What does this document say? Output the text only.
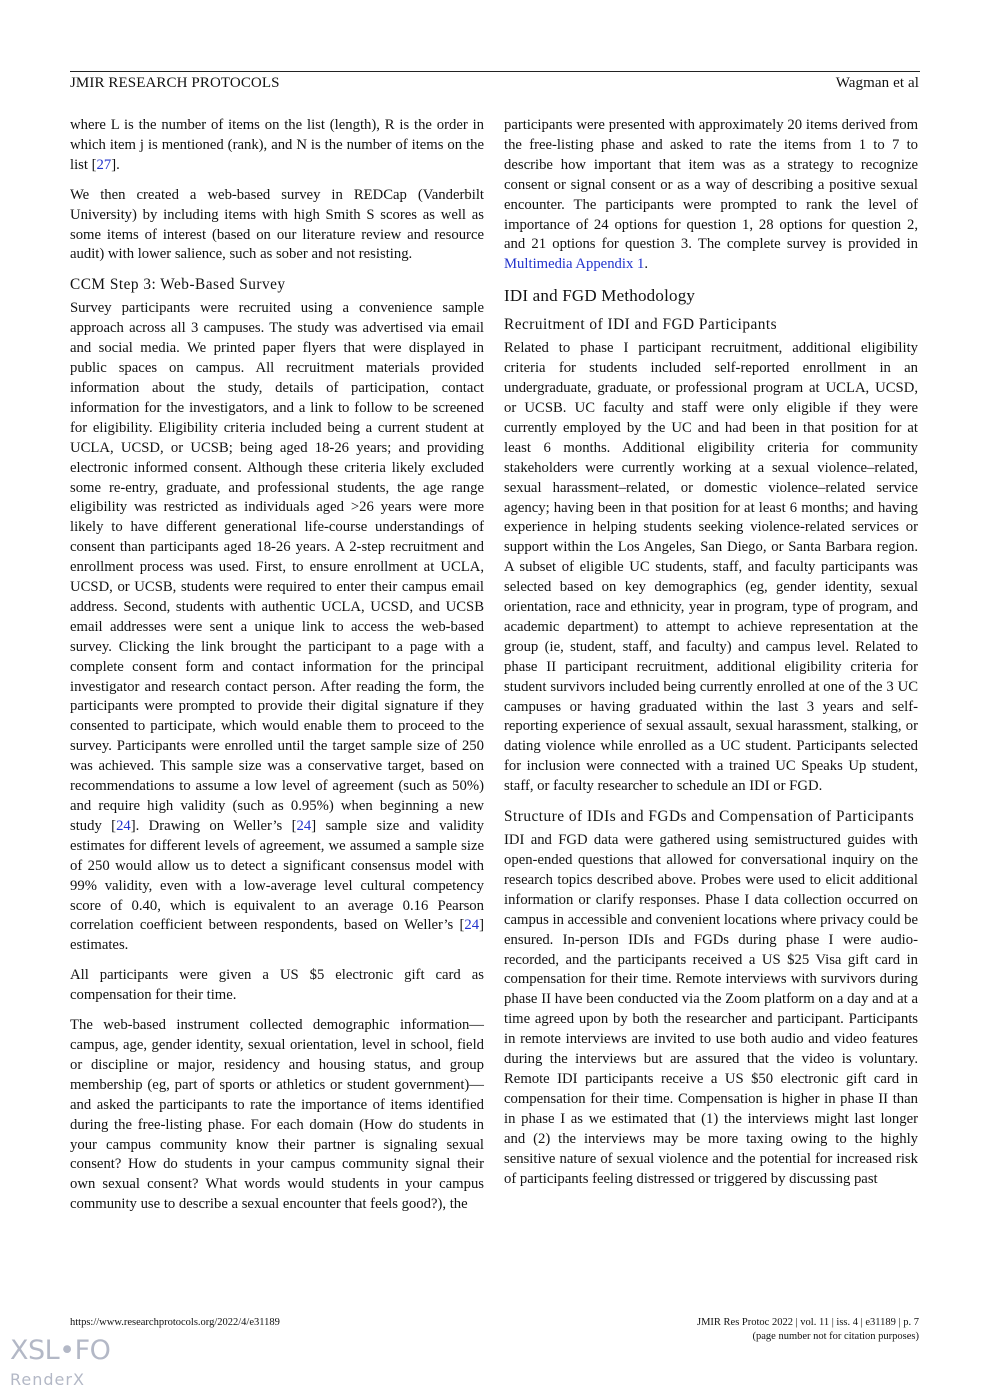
JMIR RESEARCH PROTOCOLS	Wagman et al

where L is the number of items on the list (length), R is the order in which item j is mentioned (rank), and N is the number of items on the list [27].

We then created a web-based survey in REDCap (Vanderbilt University) by including items with high Smith S scores as well as some items of interest (based on our literature review and resource audit) with lower salience, such as sober and not resisting.

CCM Step 3: Web-Based Survey

Survey participants were recruited using a convenience sample approach across all 3 campuses. The study was advertised via email and social media. We printed paper flyers that were displayed in public spaces on campus. All recruitment materials provided information about the study, details of participation, contact information for the investigators, and a link to follow to be screened for eligibility. Eligibility criteria included being a current student at UCLA, UCSD, or UCSB; being aged 18-26 years; and providing electronic informed consent. Although these criteria likely excluded some re-entry, graduate, and professional students, the age range eligibility was restricted as individuals aged >26 years were more likely to have different generational life-course understandings of consent than participants aged 18-26 years. A 2-step recruitment and enrollment process was used. First, to ensure enrollment at UCLA, UCSD, or UCSB, students were required to enter their campus email address. Second, students with authentic UCLA, UCSD, and UCSB email addresses were sent a unique link to access the web-based survey. Clicking the link brought the participant to a page with a complete consent form and contact information for the principal investigator and research contact person. After reading the form, the participants were prompted to provide their digital signature if they consented to participate, which would enable them to proceed to the survey. Participants were enrolled until the target sample size of 250 was achieved. This sample size was a conservative target, based on recommendations to assume a low level of agreement (such as 50%) and require high validity (such as 0.95%) when beginning a new study [24]. Drawing on Weller’s [24] sample size and validity estimates for different levels of agreement, we assumed a sample size of 250 would allow us to detect a significant consensus model with 99% validity, even with a low-average level cultural competency score of 0.40, which is equivalent to an average 0.16 Pearson correlation coefficient between respondents, based on Weller’s [24] estimates.

All participants were given a US $5 electronic gift card as compensation for their time.

The web-based instrument collected demographic information—campus, age, gender identity, sexual orientation, level in school, field or discipline or major, residency and housing status, and group membership (eg, part of sports or athletics or student government)—and asked the participants to rate the importance of items identified during the free-listing phase. For each domain (How do students in your campus community know their partner is signaling sexual consent? How do students in your campus community signal their own sexual consent? What words would students in your campus community use to describe a sexual encounter that feels good?), the

participants were presented with approximately 20 items derived from the free-listing phase and asked to rate the items from 1 to 7 to describe how important that item was as a strategy to recognize consent or signal consent or as a way of describing a positive sexual encounter. The participants were prompted to rank the level of importance of 24 options for question 1, 28 options for question 2, and 21 options for question 3. The complete survey is provided in Multimedia Appendix 1.

IDI and FGD Methodology
Recruitment of IDI and FGD Participants

Related to phase I participant recruitment, additional eligibility criteria for students included self-reported enrollment in an undergraduate, graduate, or professional program at UCLA, UCSD, or UCSB. UC faculty and staff were only eligible if they were currently employed by the UC and had been in that position for at least 6 months. Additional eligibility criteria for community stakeholders were currently working at a sexual violence–related, sexual harassment–related, or domestic violence–related service agency; having been in that position for at least 6 months; and having experience in helping students seeking violence-related services or support within the Los Angeles, San Diego, or Santa Barbara region. A subset of eligible UC students, staff, and faculty participants was selected based on key demographics (eg, gender identity, sexual orientation, race and ethnicity, year in program, type of program, and academic department) to attempt to achieve representation at the group (ie, student, staff, and faculty) and campus level. Related to phase II participant recruitment, additional eligibility criteria for student survivors included being currently enrolled at one of the 3 UC campuses or having graduated within the last 3 years and self-reporting experience of sexual assault, sexual harassment, stalking, or dating violence while enrolled as a UC student. Participants selected for inclusion were connected with a trained UC Speaks Up student, staff, or faculty researcher to schedule an IDI or FGD.

Structure of IDIs and FGDs and Compensation of Participants

IDI and FGD data were gathered using semistructured guides with open-ended questions that allowed for conversational inquiry on the research topics described above. Probes were used to elicit additional information or clarify responses. Phase I data collection occurred on campus in accessible and convenient locations where privacy could be ensured. In-person IDIs and FGDs during phase I were audio-recorded, and the participants received a US $25 Visa gift card in compensation for their time. Remote interviews with survivors during phase II have been conducted via the Zoom platform on a day and at a time agreed upon by both the researcher and participant. Participants in remote interviews are invited to use both audio and video features during the interviews but are assured that the video is voluntary. Remote IDI participants receive a US $50 electronic gift card in compensation for their time. Compensation is higher in phase II than in phase I as we estimated that (1) the interviews might last longer and (2) the interviews may be more taxing owing to the highly sensitive nature of sexual violence and the potential for increased risk of participants feeling distressed or triggered by discussing past

https://www.researchprotocols.org/2022/4/e31189	JMIR Res Protoc 2022 | vol. 11 | iss. 4 | e31189 | p. 7
(page number not for citation purposes)
XSL•FO
RenderX
